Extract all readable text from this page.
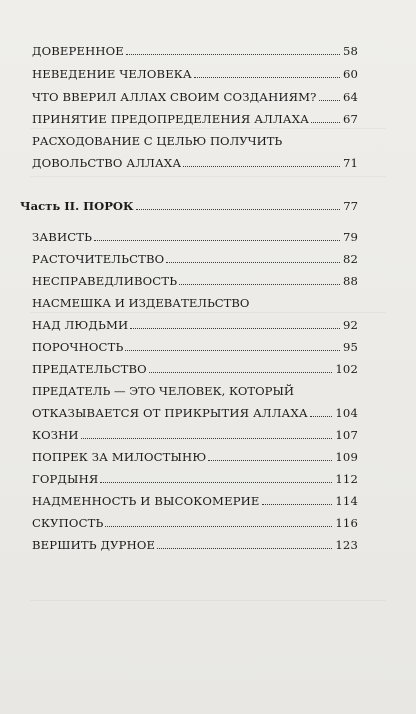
ДОВЕРЕННОЕ	58
НЕВЕДЕНИЕ ЧЕЛОВЕКА	60
ЧТО ВВЕРИЛ АЛЛАХ СВОИМ СОЗДАНИЯМ? 64
ПРИНЯТИЕ ПРЕДОПРЕДЕЛЕНИЯ АЛЛАХА	67
РАСХОДОВАНИЕ С ЦЕЛЬЮ ПОЛУЧИТЬ
ДОВОЛЬСТВО АЛЛАХА	71
Часть II. ПОРОК	77
ЗАВИСТЬ	79
РАСТОЧИТЕЛЬСТВО	82
НЕСПРАВЕДЛИВОСТЬ	88
НАСМЕШКА И ИЗДЕВАТЕЛЬСТВО
НАД ЛЮДЬМИ	92
ПОРОЧНОСТЬ	95
ПРЕДАТЕЛЬСТВО	102
ПРЕДАТЕЛЬ — ЭТО ЧЕЛОВЕК, КОТОРЫЙ
ОТКАЗЫВАЕТСЯ ОТ ПРИКРЫТИЯ АЛЛАХА 104
КОЗНИ	107
ПОПРЕК ЗА МИЛОСТЫНЮ	109
ГОРДЫНЯ	112
НАДМЕННОСТЬ И ВЫСОКОМЕРИЕ	114
СКУПОСТЬ	116
ВЕРШИТЬ ДУРНОЕ	123
